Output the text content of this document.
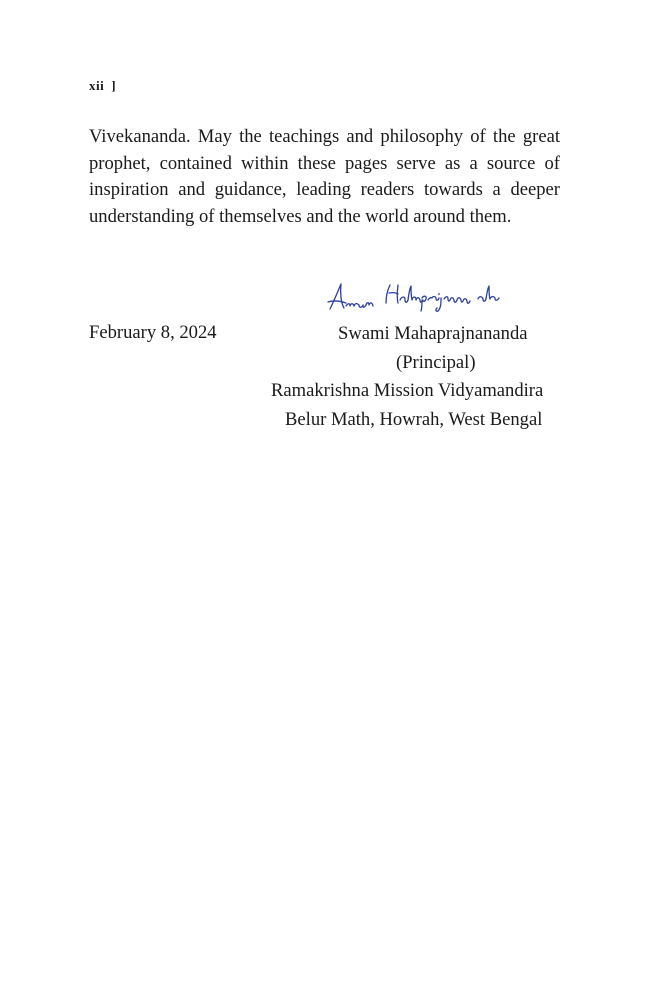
xii ]
Vivekananda. May the teachings and philosophy of the great prophet, contained within these pages serve as a source of inspiration and guidance, leading readers towards a deeper understanding of themselves and the world around them.
February 8, 2024	Swami Mahaprajnananda
(Principal)
Ramakrishna Mission Vidyamandira
Belur Math, Howrah, West Bengal
